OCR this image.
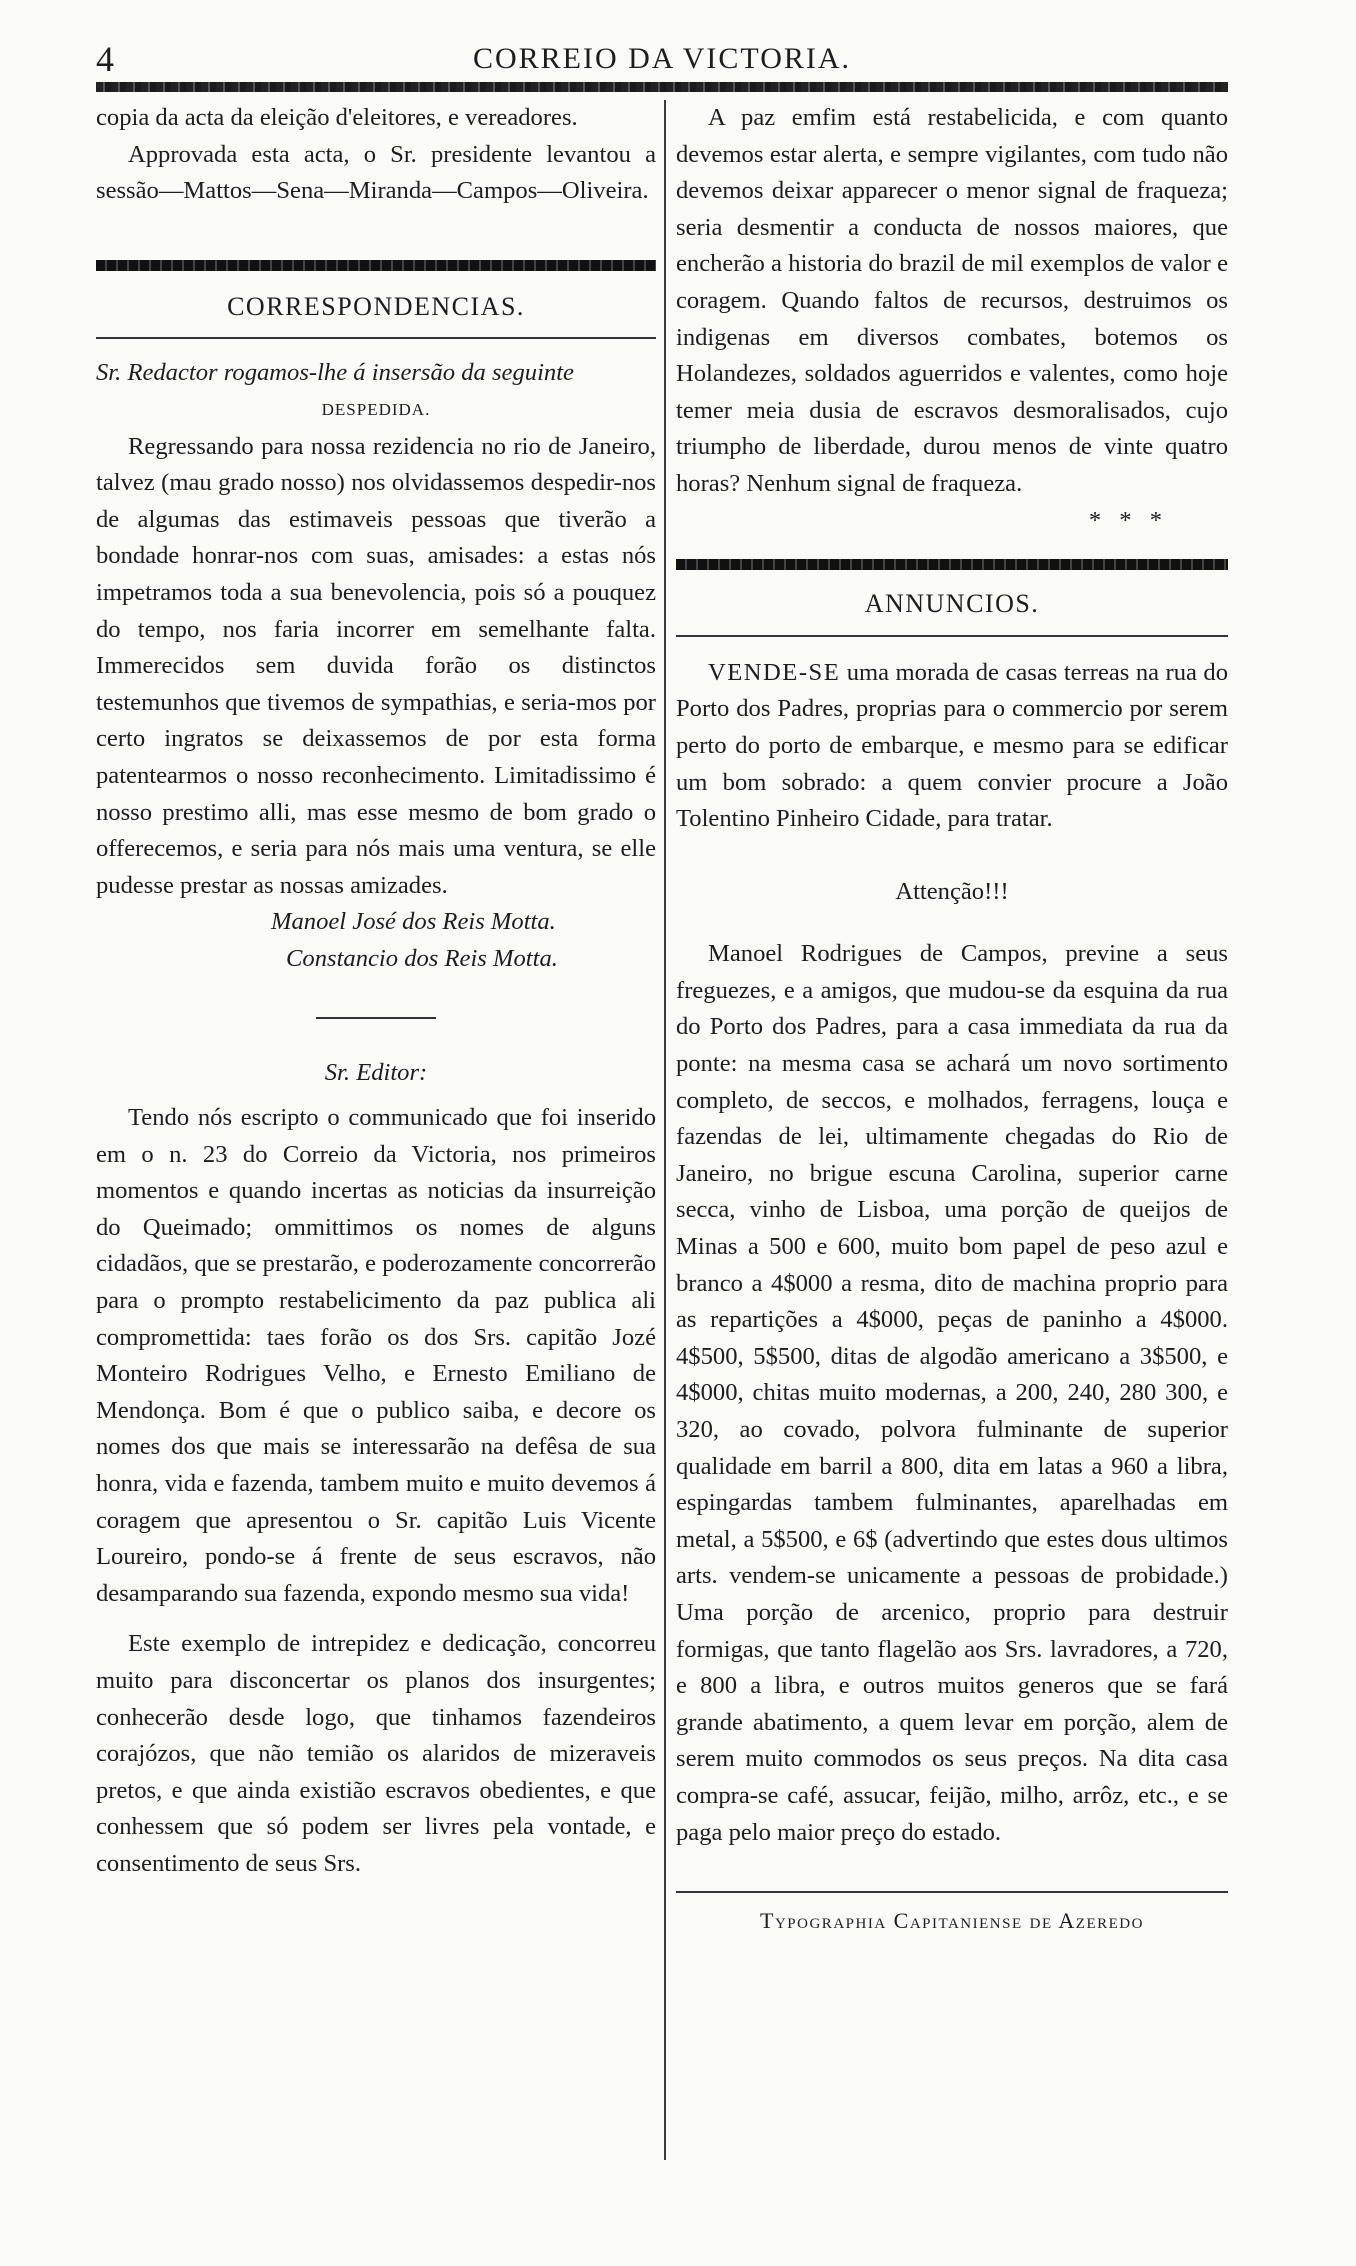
4	CORREIO DA VICTORIA.

copia da acta da eleição d'eleitores, e vereadores.

Approvada esta acta, o Sr. presidente levantou a sessão—Mattos—Sena—Miranda—Campos—Oliveira.

CORRESPONDENCIAS.

Sr. Redactor rogamos-lhe á insersão da seguinte

DESPEDIDA.

Regressando para nossa rezidencia no rio de Janeiro, talvez (mau grado nosso) nos olvidassemos despedir-nos de algumas das estimaveis pessoas que tiverão a bondade honrar-nos com suas, amisades: a estas nós impetramos toda a sua benevolencia, pois só a pouquez do tempo, nos faria incorrer em semelhante falta. Immerecidos sem duvida forão os distinctos testemunhos que tivemos de sympathias, e seria-mos por certo ingratos se deixassemos de por esta forma patentearmos o nosso reconhecimento. Limitadissimo é nosso prestimo alli, mas esse mesmo de bom grado o offerecemos, e seria para nós mais uma ventura, se elle pudesse prestar as nossas amizades.

Manoel José dos Reis Motta.

Constancio dos Reis Motta.

Sr. Editor:

Tendo nós escripto o communicado que foi inserido em o n. 23 do Correio da Victoria, nos primeiros momentos e quando incertas as noticias da insurreição do Queimado; ommittimos os nomes de alguns cidadãos, que se prestarão, e poderozamente concorrerão para o prompto restabelicimento da paz publica ali compromettida: taes forão os dos Srs. capitão Jozé Monteiro Rodrigues Velho, e Ernesto Emiliano de Mendonça. Bom é que o publico saiba, e decore os nomes dos que mais se interessarão na defêsa de sua honra, vida e fazenda, tambem muito e muito devemos á coragem que apresentou o Sr. capitão Luis Vicente Loureiro, pondo-se á frente de seus escravos, não desamparando sua fazenda, expondo mesmo sua vida!

Este exemplo de intrepidez e dedicação, concorreu muito para disconcertar os planos dos insurgentes; conhecerão desde logo, que tinhamos fazendeiros corajózos, que não temião os alaridos de mizeraveis pretos, e que ainda existião escravos obedientes, e que conhessem que só podem ser livres pela vontade, e consentimento de seus Srs.

A paz emfim está restabelicida, e com quanto devemos estar alerta, e sempre vigilantes, com tudo não devemos deixar apparecer o menor signal de fraqueza; seria desmentir a conducta de nossos maiores, que encherão a historia do brazil de mil exemplos de valor e coragem. Quando faltos de recursos, destruimos os indigenas em diversos combates, botemos os Holandezes, soldados aguerridos e valentes, como hoje temer meia dusia de escravos desmoralisados, cujo triumpho de liberdade, durou menos de vinte quatro horas? Nenhum signal de fraqueza.

* * *

ANNUNCIOS.

VENDE-SE uma morada de casas terreas na rua do Porto dos Padres, proprias para o commercio por serem perto do porto de embarque, e mesmo para se edificar um bom sobrado: a quem convier procure a João Tolentino Pinheiro Cidade, para tratar.

Attenção!!!

Manoel Rodrigues de Campos, previne a seus freguezes, e a amigos, que mudou-se da esquina da rua do Porto dos Padres, para a casa immediata da rua da ponte: na mesma casa se achará um novo sortimento completo, de seccos, e molhados, ferragens, louça e fazendas de lei, ultimamente chegadas do Rio de Janeiro, no brigue escuna Carolina, superior carne secca, vinho de Lisboa, uma porção de queijos de Minas a 500 e 600, muito bom papel de peso azul e branco a 4$000 a resma, dito de machina proprio para as repartições a 4$000, peças de paninho a 4$000. 4$500, 5$500, ditas de algodão americano a 3$500, e 4$000, chitas muito modernas, a 200, 240, 280 300, e 320, ao covado, polvora fulminante de superior qualidade em barril a 800, dita em latas a 960 a libra, espingardas tambem fulminantes, aparelhadas em metal, a 5$500, e 6$ (advertindo que estes dous ultimos arts. vendem-se unicamente a pessoas de probidade.) Uma porção de arcenico, proprio para destruir formigas, que tanto flagelão aos Srs. lavradores, a 720, e 800 a libra, e outros muitos generos que se fará grande abatimento, a quem levar em porção, alem de serem muito commodos os seus preços. Na dita casa compra-se café, assucar, feijão, milho, arrôz, etc., e se paga pelo maior preço do estado.

Typographia Capitaniense de Azeredo
